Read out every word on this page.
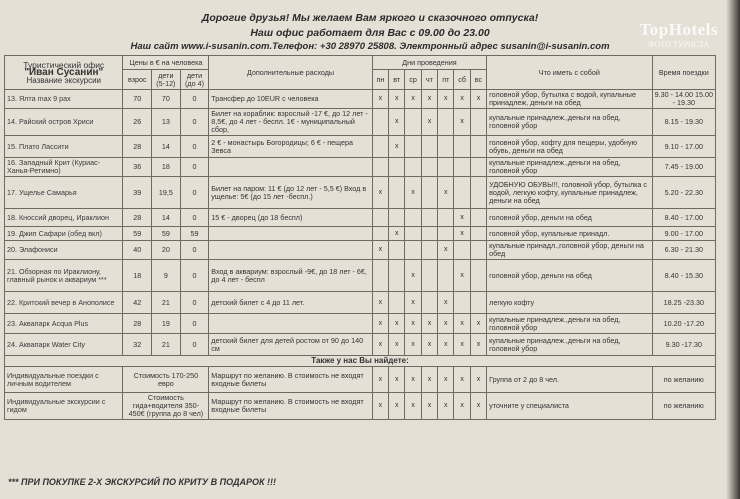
Дорогие друзья! Мы желаем Вам яркого и сказочного отпуска!
Наш офис работает для Вас с 09.00 до 23.00
Наш сайт www.i-susanin.com.Телефон: +30 28970 25808. Электронный адрес susanin@i-susanin.com
TopHotels
ФОТО ТУРИСТА
Туристический офис
"Иван Сусанин"
Название экскурсии	Цены в € на человека			Дополнительные расходы	Дни проведения							Что иметь с собой	Время поездки
	взрос	дети (5-12)	дети (до 4)		пн	вт	ср	чт	пт	сб	вс		

13. Ялта max 9 pax	70	70	0	Трансфер до 10EUR с человека	x	x	x	x	x	x	x	головной убор, бутылка с водой, купальные принадлеж, деньги на обед	9.30 - 14.00 15.00 - 19.30
14. Райский остров Хриси	26	13	0	Билет на кораблик: взрослый -17 €, до 12 лет - 8,5€, до 4 лет - беспл. 1€ - муниципальный сбор,		x		x		x		купальные принадлеж.,деньги на обед, головной убор	8.15 - 19.30
15. Плато Лассити	28	14	0	2 € - монастырь Богородицы; 6 € - пещера Зевса		x						головной убор, кофту для пещеры, удобную обувь, деньги на обед	9.10 - 17.00
16. Западный Крит (Куриас-Ханья-Ретимно)	36	18	0									купальные принадлеж.,деньги на обед, головной убор	7.45 - 19.00
17. Ущелье Самарья	39	19,5	0	Билет на паром: 11 € (до 12 лет - 5,5 €) Вход в ущелье: 5€ (до 15 лет -беспл.)	x		x		x			УДОБНУЮ ОБУВЬ!!!, головной убор, бутылка с водой, легкую кофту, купальные принадлеж, деньги на обед	5.20 - 22.30
18. Кноссий дворец, Ираклион	28	14	0	15 € - дворец (до 18 беспл)						x		головной убор, деньги на обед	8.40 - 17.00
19. Джип Сафари (обед вкл)	59	59	59			x				x		головной убор, купальные принадл.	9.00 - 17.00
20. Элафониси	40	20	0		x				x			купальные принадл.,головной убор, деньги на обед	6.30 - 21.30
21. Обзорная по Ираклиону, главный рынок и аквариум ***	18	9	0	Вход в аквариум: взрослый -9€, до 18 лет - 6€, до 4 лет - беспл			x			x		головной убор, деньги на обед	8.40 - 15.30
22. Критский вечер в Анополисе	42	21	0	детский билет с 4 до 11 лет.	x		x		x			легкую кофту	18.25 -23.30
23. Аквапарк Acqua Plus	28	19	0		x	x	x	x	x	x	x	купальные принадлеж.,деньги на обед, головной убор	10.20 -17.20
24. Аквапарк Water City	32	21	0	детский билет для детей ростом от 90 до 140 см	x	x	x	x	x	x	x	купальные принадлеж.,деньги на обед, головной убор	9.30 -17.30
Также у нас Вы найдете:													
Индивидуальные поездки с личным водителем	Стоимость 170-250 евро			Маршрут по желанию. В стоимость не входят входные билеты	x	x	x	x	x	x	x	Группа от 2 до 8 чел.	по желанию
Индивидуальные экскурсии с гидом	Стоимость гида+водителя 350-450€ (группа до 8 чел)			Маршрут по желанию. В стоимость не входят входные билеты	x	x	x	x	x	x	x	уточните у специалиста	по желанию
*** ПРИ ПОКУПКЕ 2-Х ЭКСКУРСИЙ ПО КРИТУ В ПОДАРОК !!!
